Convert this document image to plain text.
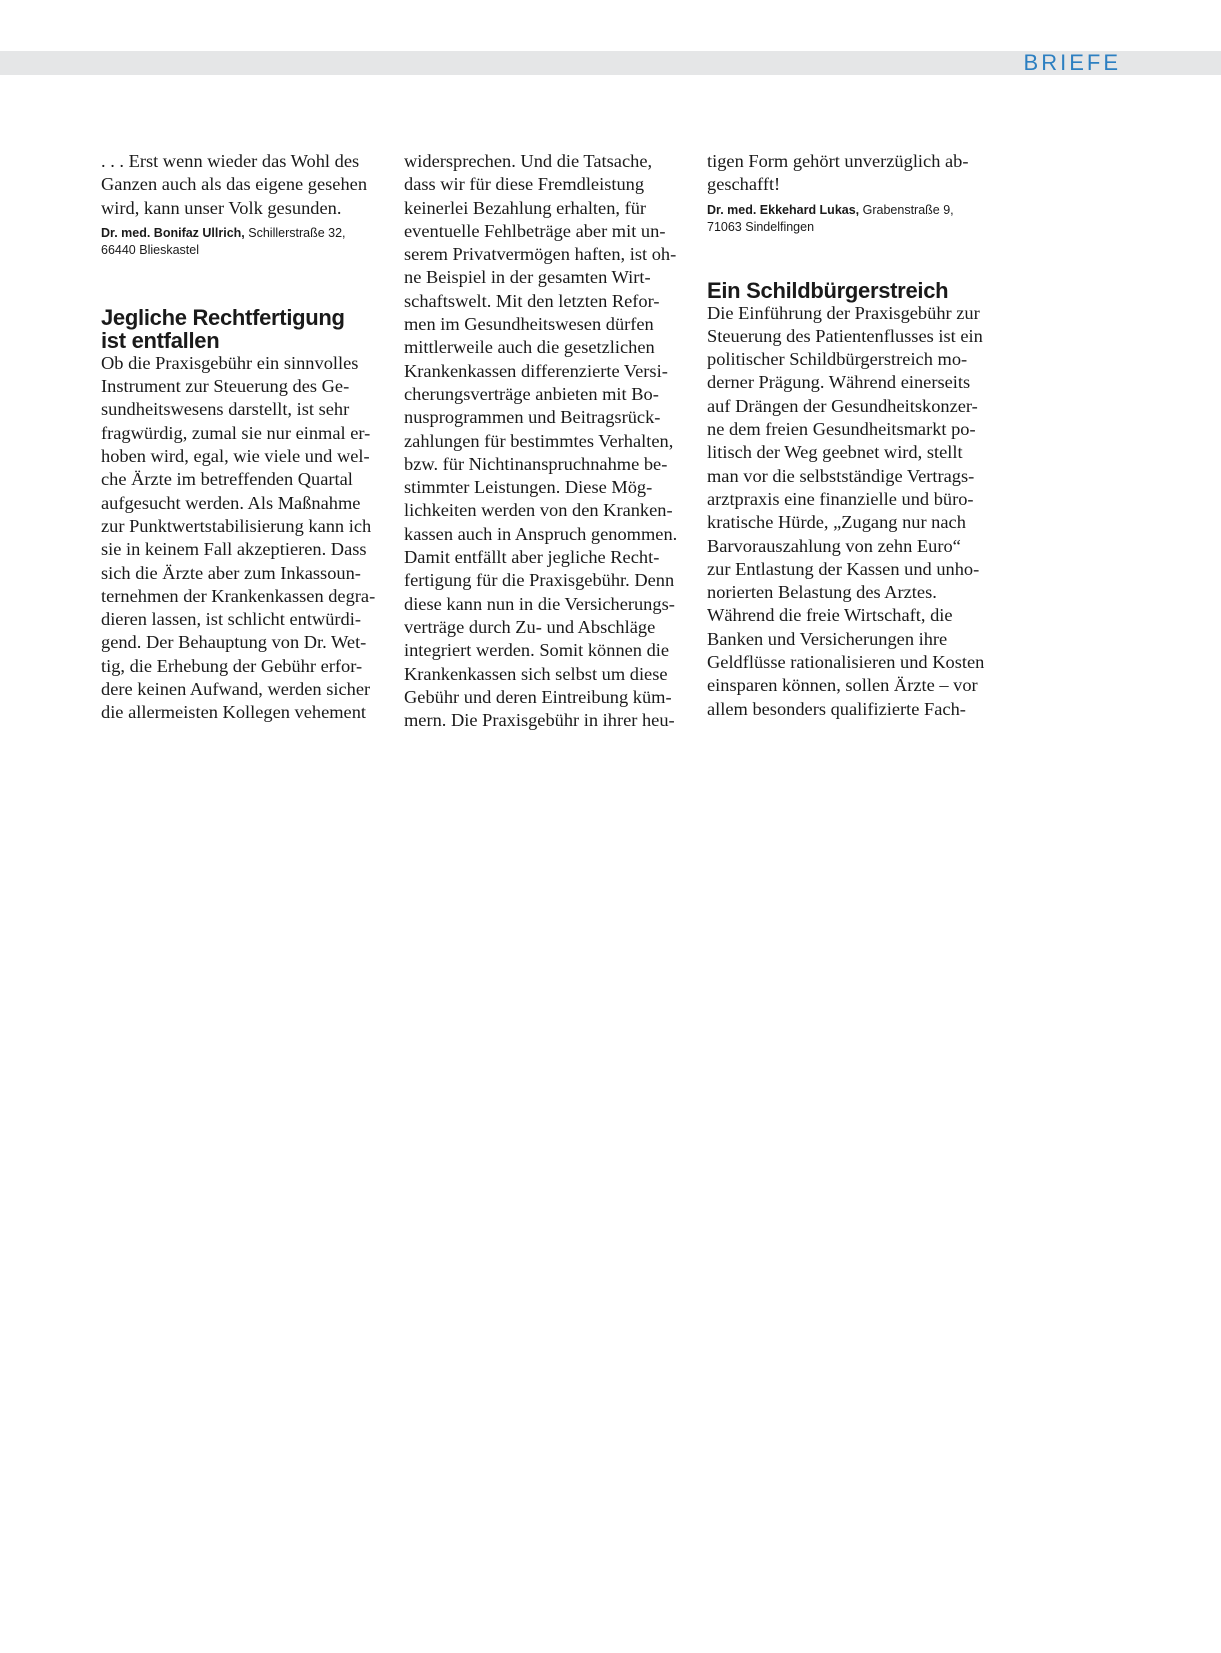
BRIEFE
. . . Erst wenn wieder das Wohl des
Ganzen auch als das eigene gesehen
wird, kann unser Volk gesunden.
Dr. med. Bonifaz Ullrich, Schillerstraße 32,
66440 Blieskastel
Jegliche Rechtfertigung
ist entfallen
Ob die Praxisgebühr ein sinnvolles
Instrument zur Steuerung des Ge-
sundheitswesens darstellt, ist sehr
fragwürdig, zumal sie nur einmal er-
hoben wird, egal, wie viele und wel-
che Ärzte im betreffenden Quartal
aufgesucht werden. Als Maßnahme
zur Punktwertstabilisierung kann ich
sie in keinem Fall akzeptieren. Dass
sich die Ärzte aber zum Inkassoun-
ternehmen der Krankenkassen degra-
dieren lassen, ist schlicht entwürdi-
gend. Der Behauptung von Dr. Wet-
tig, die Erhebung der Gebühr erfor-
dere keinen Aufwand, werden sicher
die allermeisten Kollegen vehement
widersprechen. Und die Tatsache,
dass wir für diese Fremdleistung
keinerlei Bezahlung erhalten, für
eventuelle Fehlbeträge aber mit un-
serem Privatvermögen haften, ist oh-
ne Beispiel in der gesamten Wirt-
schaftswelt. Mit den letzten Refor-
men im Gesundheitswesen dürfen
mittlerweile auch die gesetzlichen
Krankenkassen differenzierte Versi-
cherungsverträge anbieten mit Bo-
nusprogrammen und Beitragsrück-
zahlungen für bestimmtes Verhalten,
bzw. für Nichtinanspruchnahme be-
stimmter Leistungen. Diese Mög-
lichkeiten werden von den Kranken-
kassen auch in Anspruch genommen.
Damit entfällt aber jegliche Recht-
fertigung für die Praxisgebühr. Denn
diese kann nun in die Versicherungs-
verträge durch Zu- und Abschläge
integriert werden. Somit können die
Krankenkassen sich selbst um diese
Gebühr und deren Eintreibung küm-
mern. Die Praxisgebühr in ihrer heu-
tigen Form gehört unverzüglich ab-
geschafft!
Dr. med. Ekkehard Lukas, Grabenstraße 9,
71063 Sindelfingen
Ein Schildbürgerstreich
Die Einführung der Praxisgebühr zur
Steuerung des Patientenflusses ist ein
politischer Schildbürgerstreich mo-
derner Prägung. Während einerseits
auf Drängen der Gesundheitskonzer-
ne dem freien Gesundheitsmarkt po-
litisch der Weg geebnet wird, stellt
man vor die selbstständige Vertrags-
arztpraxis eine finanzielle und büro-
kratische Hürde, „Zugang nur nach
Barvorauszahlung von zehn Euro“
zur Entlastung der Kassen und unho-
norierten Belastung des Arztes.
Während die freie Wirtschaft, die
Banken und Versicherungen ihre
Geldflüsse rationalisieren und Kosten
einsparen können, sollen Ärzte – vor
allem besonders qualifizierte Fach-
